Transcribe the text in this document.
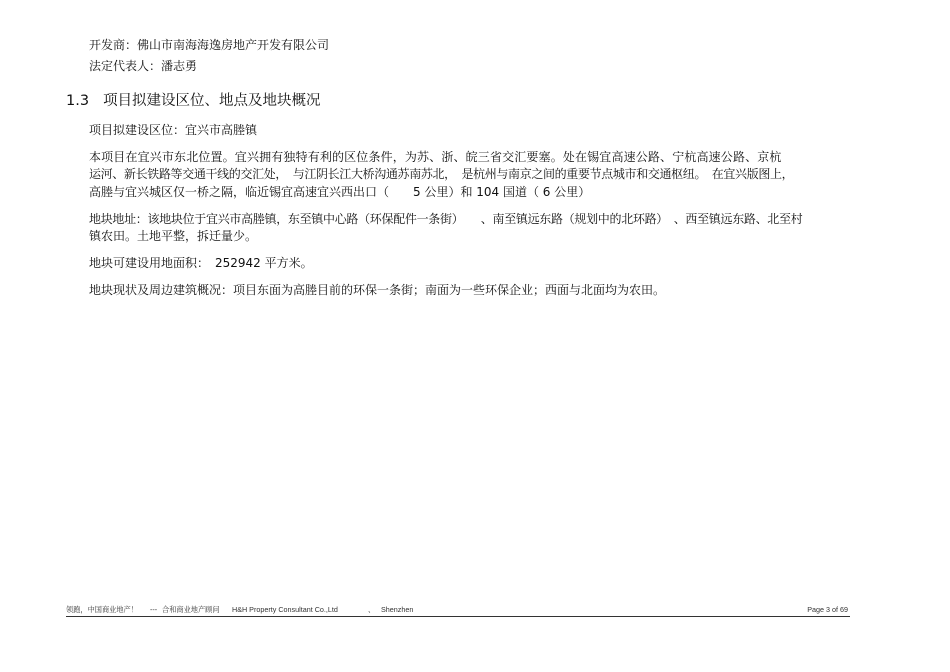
开发商：佛山市南海海逸房地产开发有限公司
法定代表人：潘志勇
1.3 项目拟建设区位、地点及地块概况
项目拟建设区位：宜兴市高塍镇
本项目在宜兴市东北位置。宜兴拥有独特有利的区位条件，为苏、浙、皖三省交汇要塞。处在锡宜高速公路、宁杭高速公路、京杭
运河、新长铁路等交通干线的交汇处，　与江阴长江大桥沟通苏南苏北，　是杭州与南京之间的重要节点城市和交通枢纽。　在宜兴版图上，
高塍与宜兴城区仅一桥之隔，临近锡宜高速宜兴西出口（　　5 公里）和 104 国道（ 6 公里）
地块地址：该地块位于宜兴市高塍镇，东至镇中心路（环保配件一条街）　　、南至镇远东路（规划中的北环路）　、西至镇远东路、北至村
镇农田。土地平整，拆迁量少。
地块可建设用地面积：　252942 平方米。
地块现状及周边建筑概况：项目东面为高塍目前的环保一条街；南面为一些环保企业；西面与北面均为农田。
领跑，中国商业地产！ --- 合和商业地产顾问 H&H Property Consultant Co.,Ltd	、 Shenzhen	Page 3 of 69
